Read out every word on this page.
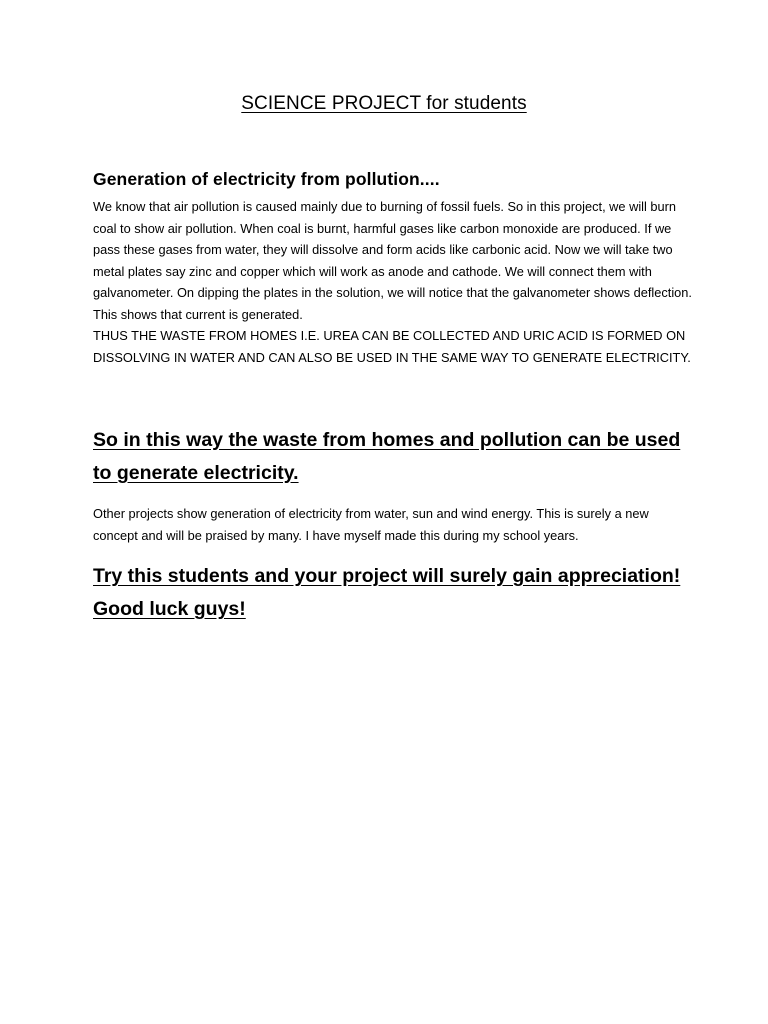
SCIENCE PROJECT for students
Generation of electricity from pollution....

We know that air pollution is caused mainly due to burning of fossil fuels. So in this project, we will burn coal to show air pollution. When coal is burnt, harmful gases like carbon monoxide are produced. If we pass these gases from water, they will dissolve and form acids like carbonic acid. Now we will take two metal plates say zinc and copper which will work as anode and cathode. We will connect them with galvanometer. On dipping the plates in the solution, we will notice that the galvanometer shows deflection. This shows that current is generated.
THUS THE WASTE FROM HOMES I.E. UREA CAN BE COLLECTED AND URIC ACID IS FORMED ON DISSOLVING IN WATER AND CAN ALSO BE USED IN THE SAME WAY TO GENERATE ELECTRICITY.

So in this way the waste from homes and pollution can be used to generate electricity.

Other projects show generation of electricity from water, sun and wind energy. This is surely a new concept and will be praised by many. I have myself made this during my school years.

Try this students and your project will surely gain appreciation! Good luck guys!
